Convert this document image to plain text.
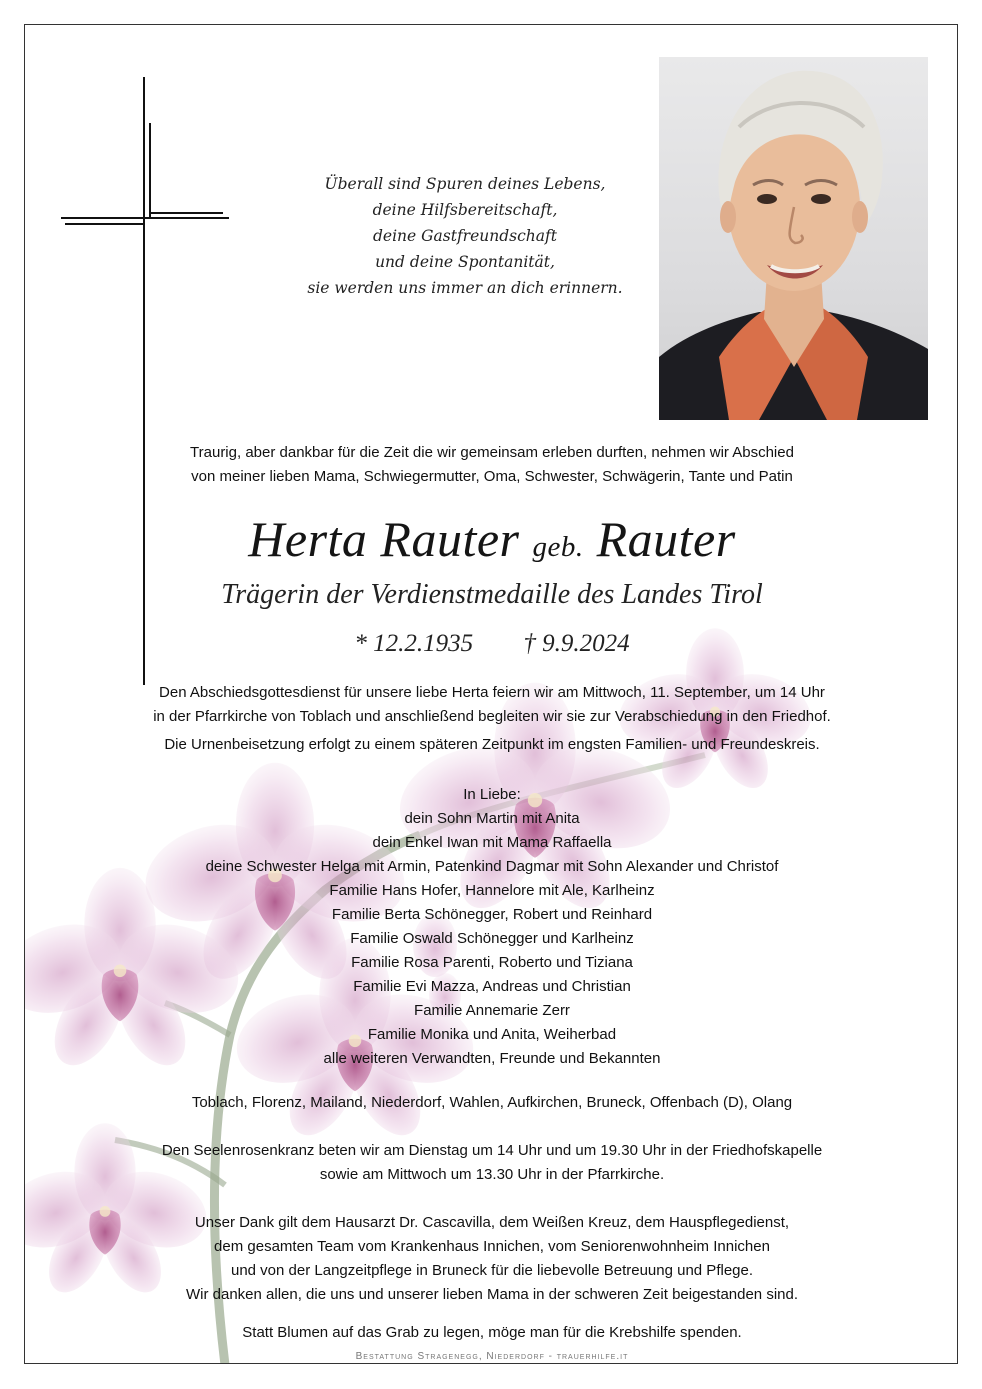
Überall sind Spuren deines Lebens,
deine Hilfsbereitschaft,
deine Gastfreundschaft
und deine Spontanität,
sie werden uns immer an dich erinnern.
Traurig, aber dankbar für die Zeit die wir gemeinsam erleben durften, nehmen wir Abschied
von meiner lieben Mama, Schwiegermutter, Oma, Schwester, Schwägerin, Tante und Patin
Herta Rauter geb. Rauter
Trägerin der Verdienstmedaille des Landes Tirol
* 12.2.1935 † 9.9.2024
Den Abschiedsgottesdienst für unsere liebe Herta feiern wir am Mittwoch, 11. September, um 14 Uhr
in der Pfarrkirche von Toblach und anschließend begleiten wir sie zur Verabschiedung in den Friedhof.
Die Urnenbeisetzung erfolgt zu einem späteren Zeitpunkt im engsten Familien- und Freundeskreis.
In Liebe:
dein Sohn Martin mit Anita
dein Enkel Iwan mit Mama Raffaella
deine Schwester Helga mit Armin, Patenkind Dagmar mit Sohn Alexander und Christof
Familie Hans Hofer, Hannelore mit Ale, Karlheinz
Familie Berta Schönegger, Robert und Reinhard
Familie Oswald Schönegger und Karlheinz
Familie Rosa Parenti, Roberto und Tiziana
Familie Evi Mazza, Andreas und Christian
Familie Annemarie Zerr
Familie Monika und Anita, Weiherbad
alle weiteren Verwandten, Freunde und Bekannten
Toblach, Florenz, Mailand, Niederdorf, Wahlen, Aufkirchen, Bruneck, Offenbach (D), Olang
Den Seelenrosenkranz beten wir am Dienstag um 14 Uhr und um 19.30 Uhr in der Friedhofskapelle
sowie am Mittwoch um 13.30 Uhr in der Pfarrkirche.
Unser Dank gilt dem Hausarzt Dr. Cascavilla, dem Weißen Kreuz, dem Hauspflegedienst,
dem gesamten Team vom Krankenhaus Innichen, vom Seniorenwohnheim Innichen
und von der Langzeitpflege in Bruneck für die liebevolle Betreuung und Pflege.
Wir danken allen, die uns und unserer lieben Mama in der schweren Zeit beigestanden sind.
Statt Blumen auf das Grab zu legen, möge man für die Krebshilfe spenden.
Bestattung Stragenegg, Niederdorf - trauerhilfe.it
